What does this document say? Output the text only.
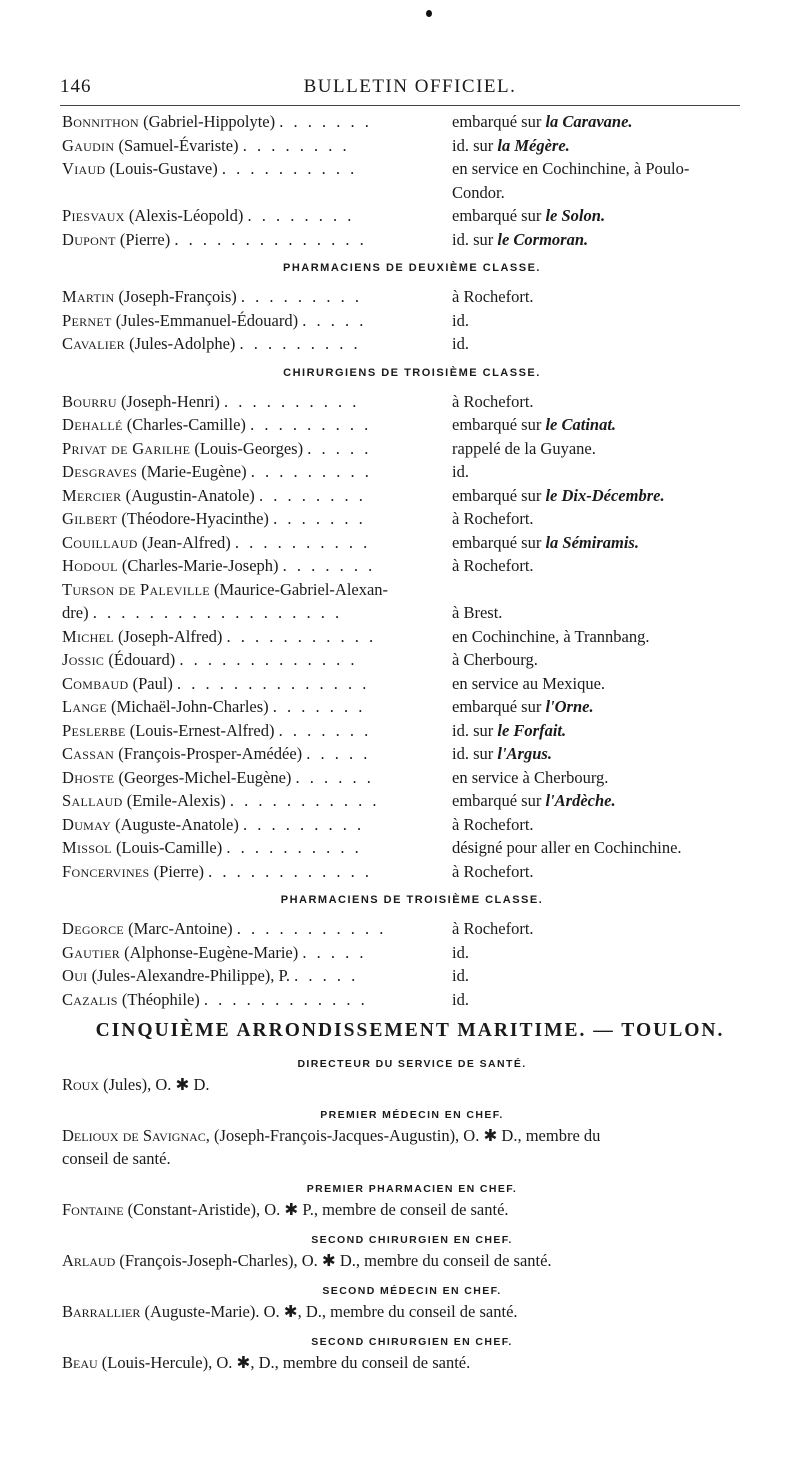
146	BULLETIN OFFICIEL.
Bonnithon (Gabriel-Hippolyte) . . . . . . .	embarqué sur la Caravane.
Gaudin (Samuel-Évariste) . . . . . . . .	id. sur la Mégère.
Viaud (Louis-Gustave) . . . . . . . . . .	en service en Cochinchine, à Poulo-
Condor.
Piesvaux (Alexis-Léopold) . . . . . . . .	embarqué sur le Solon.
Dupont (Pierre) . . . . . . . . . . . . . .	id. sur le Cormoran.
PHARMACIENS DE DEUXIÈME CLASSE.
Martin (Joseph-François) . . . . . . . . .	à Rochefort.
Pernet (Jules-Emmanuel-Édouard) . . . . .	id.
Cavalier (Jules-Adolphe) . . . . . . . . .	id.
CHIRURGIENS DE TROISIÈME CLASSE.
Bourru (Joseph-Henri) . . . . . . . . . .	à Rochefort.
Dehallé (Charles-Camille) . . . . . . . . .	embarqué sur le Catinat.
Privat de Garilhe (Louis-Georges) . . . . .	rappelé de la Guyane.
Desgraves (Marie-Eugène) . . . . . . . . .	id.
Mercier (Augustin-Anatole) . . . . . . . .	embarqué sur le Dix-Décembre.
Gilbert (Théodore-Hyacinthe) . . . . . . .	à Rochefort.
Couillaud (Jean-Alfred) . . . . . . . . . .	embarqué sur la Sémiramis.
Hodoul (Charles-Marie-Joseph) . . . . . . .	à Rochefort.
Turson de Paleville (Maurice-Gabriel-Alexan-
dre) . . . . . . . . . . . . . . . . . .	à Brest.
Michel (Joseph-Alfred) . . . . . . . . . . .	en Cochinchine, à Trannbang.
Jossic (Édouard) . . . . . . . . . . . . .	à Cherbourg.
Combaud (Paul) . . . . . . . . . . . . . .	en service au Mexique.
Lange (Michaël-John-Charles) . . . . . . .	embarqué sur l'Orne.
Peslerbe (Louis-Ernest-Alfred) . . . . . . .	id. sur le Forfait.
Cassan (François-Prosper-Amédée) . . . . .	id. sur l'Argus.
Dhoste (Georges-Michel-Eugène) . . . . . .	en service à Cherbourg.
Sallaud (Emile-Alexis) . . . . . . . . . . .	embarqué sur l'Ardèche.
Dumay (Auguste-Anatole) . . . . . . . . .	à Rochefort.
Missol (Louis-Camille) . . . . . . . . . .	désigné pour aller en Cochinchine.
Foncervines (Pierre) . . . . . . . . . . . .	à Rochefort.
PHARMACIENS DE TROISIÈME CLASSE.
Degorce (Marc-Antoine) . . . . . . . . . . .	à Rochefort.
Gautier (Alphonse-Eugène-Marie) . . . . .	id.
Oui (Jules-Alexandre-Philippe), P. . . . . .	id.
Cazalis (Théophile) . . . . . . . . . . . .	id.
CINQUIÈME ARRONDISSEMENT MARITIME. — TOULON.
DIRECTEUR DU SERVICE DE SANTÉ.
Roux (Jules), O. ✱ D.
PREMIER MÉDECIN EN CHEF.
Delioux de Savignac, (Joseph-François-Jacques-Augustin), O. ✱ D., membre du
conseil de santé.
PREMIER PHARMACIEN EN CHEF.
Fontaine (Constant-Aristide), O. ✱ P., membre de conseil de santé.
SECOND CHIRURGIEN EN CHEF.
Arlaud (François-Joseph-Charles), O. ✱ D., membre du conseil de santé.
SECOND MÉDECIN EN CHEF.
Barrallier (Auguste-Marie). O. ✱, D., membre du conseil de santé.
SECOND CHIRURGIEN EN CHEF.
Beau (Louis-Hercule), O. ✱, D., membre du conseil de santé.
